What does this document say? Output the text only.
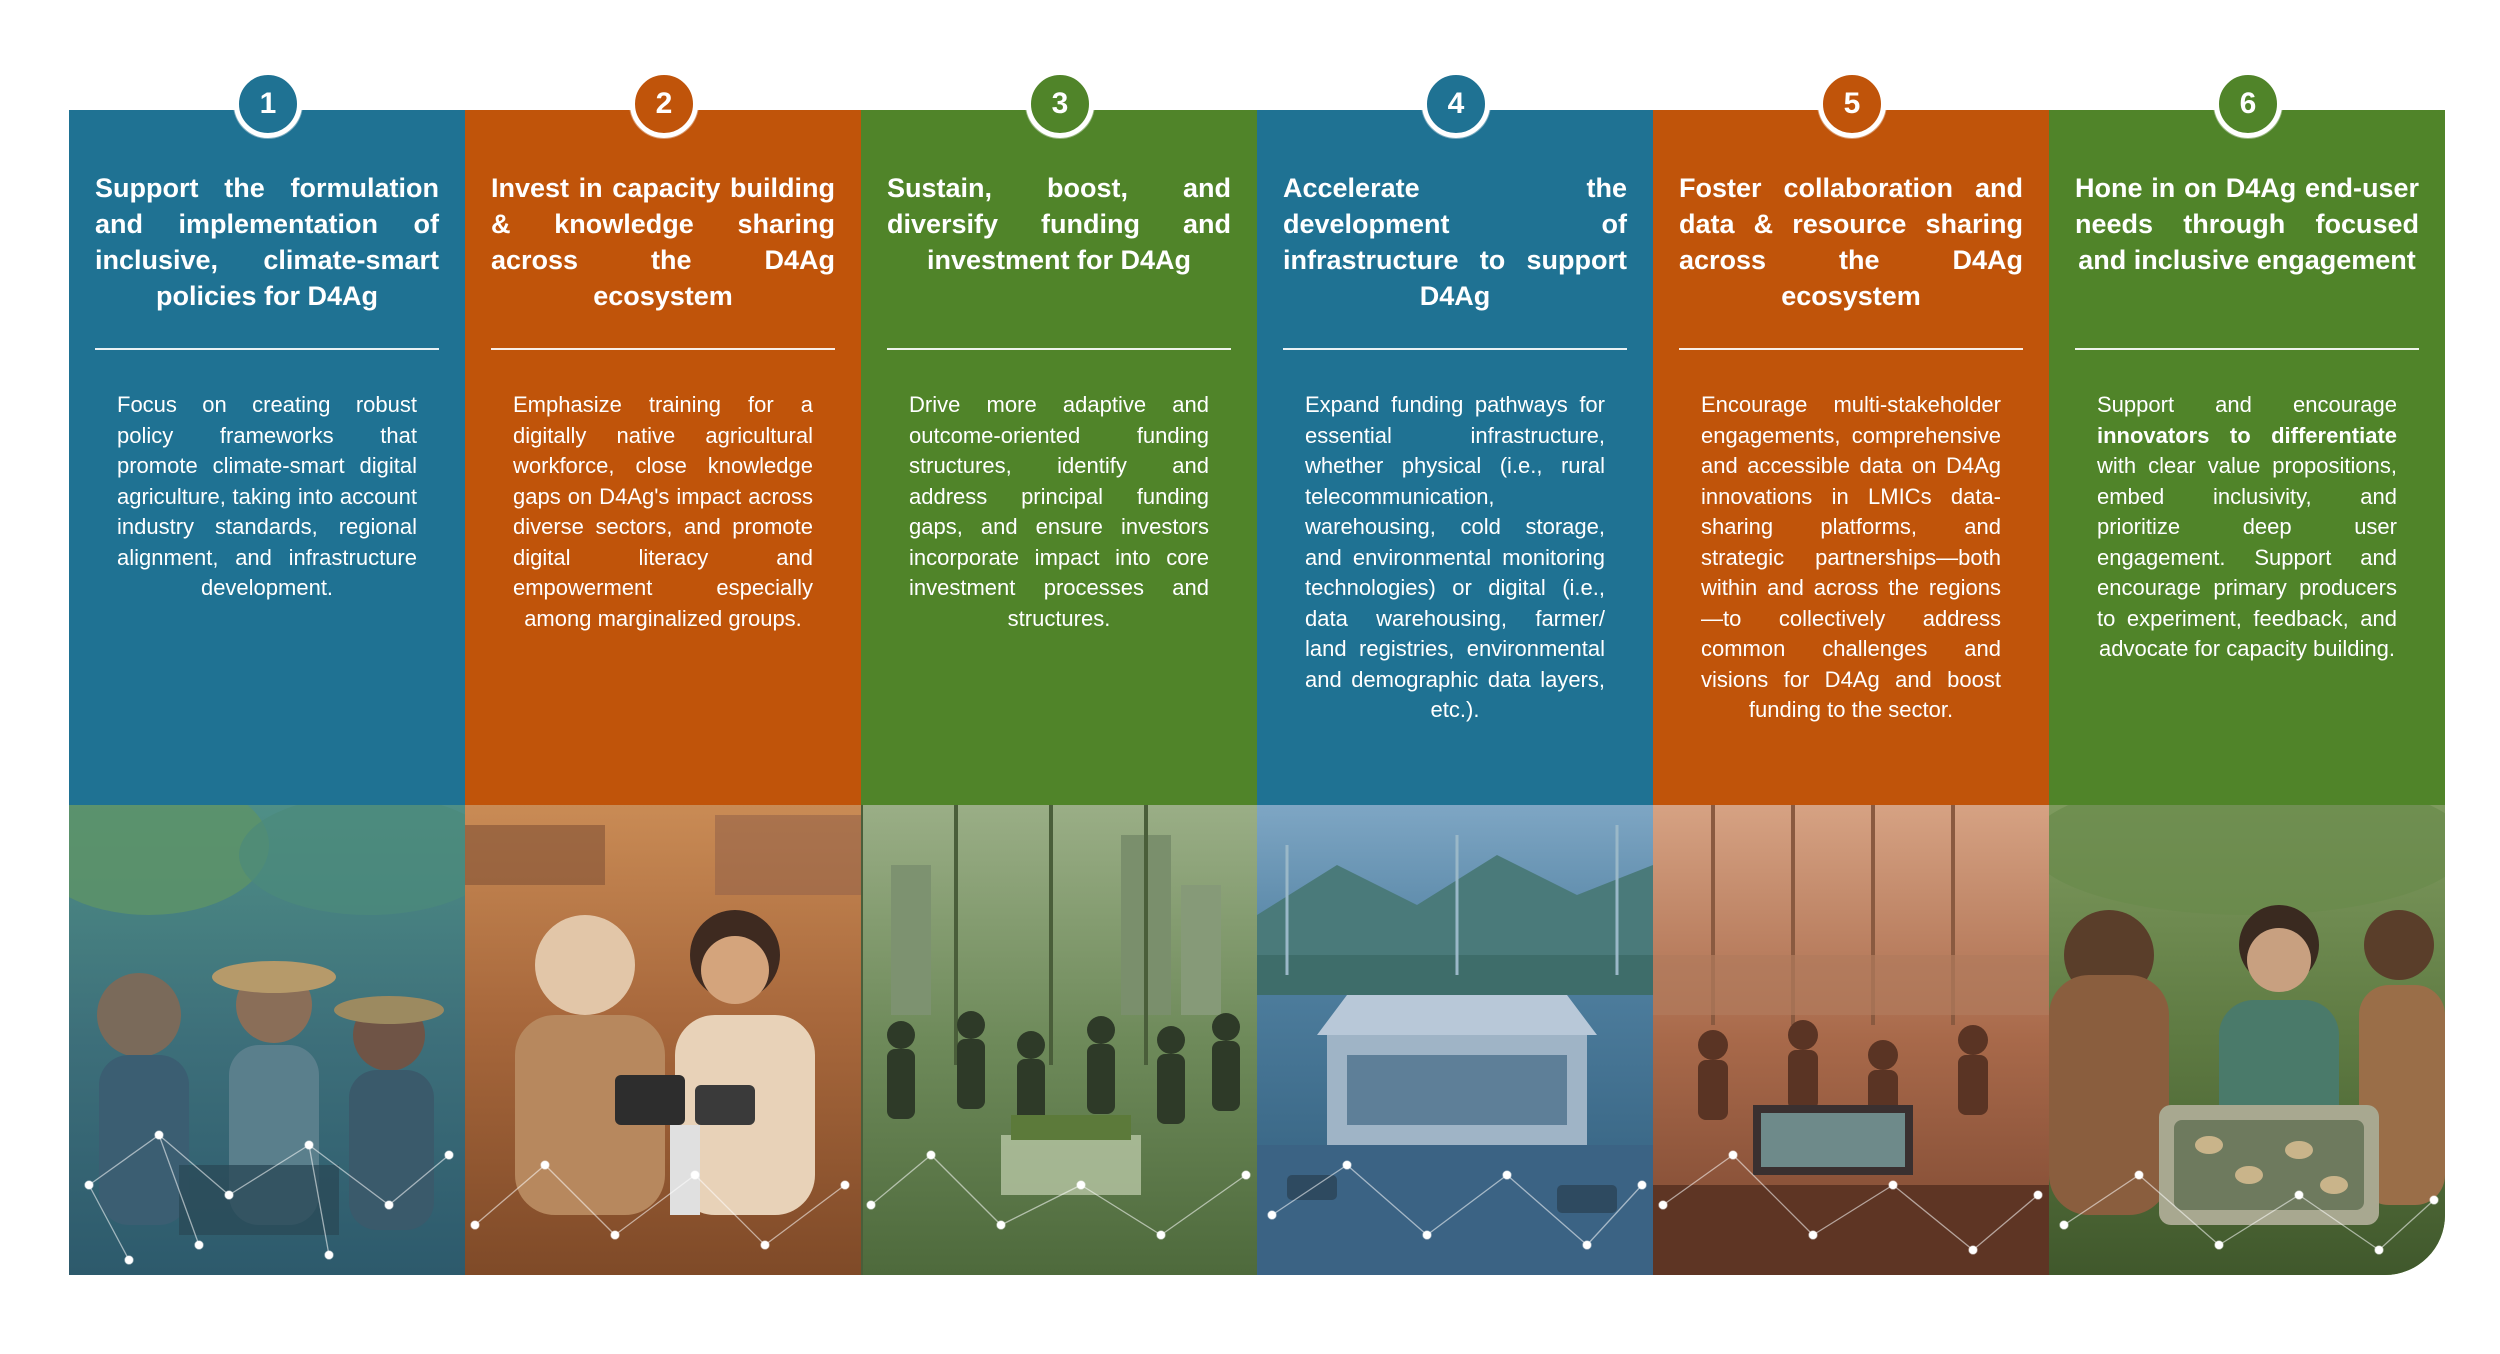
Support the formulation and implementation of inclusive, climate-smart policies for D4Ag
Focus on creating robust policy frameworks that promote climate-smart digital agriculture, taking into account industry standards, regional alignment, and infrastructure development.
Invest in capacity building & knowledge sharing across the D4Ag ecosystem
Emphasize training for a digitally native agricultural workforce, close knowledge gaps on D4Ag's impact across diverse sectors, and promote digital literacy and empowerment especially among marginalized groups.
Sustain, boost, and diversify funding and investment for D4Ag
Drive more adaptive and outcome-oriented funding structures, identify and address principal funding gaps, and ensure investors incorporate impact into core investment processes and structures.
Accelerate the development of infrastructure to support D4Ag
Expand funding pathways for essential infrastructure, whether physical (i.e., rural telecommunication, warehousing, cold storage, and environmental monitoring technologies) or digital (i.e., data warehousing, farmer/ land registries, environmental and demographic data layers, etc.).
Foster collaboration and data & resource sharing across the D4Ag ecosystem
Encourage multi-stakeholder engagements, comprehensive and accessible data on D4Ag innovations in LMICs data-sharing platforms, and strategic partnerships—both within and across the regions—to collectively address common challenges and visions for D4Ag and boost funding to the sector.
Hone in on D4Ag end-user needs through focused and inclusive engagement
Support and encourage innovators to differentiate with clear value propositions, embed inclusivity, and prioritize deep user engagement. Support and encourage primary producers to experiment, feedback, and advocate for capacity building.
1	2	3	4	5	6
